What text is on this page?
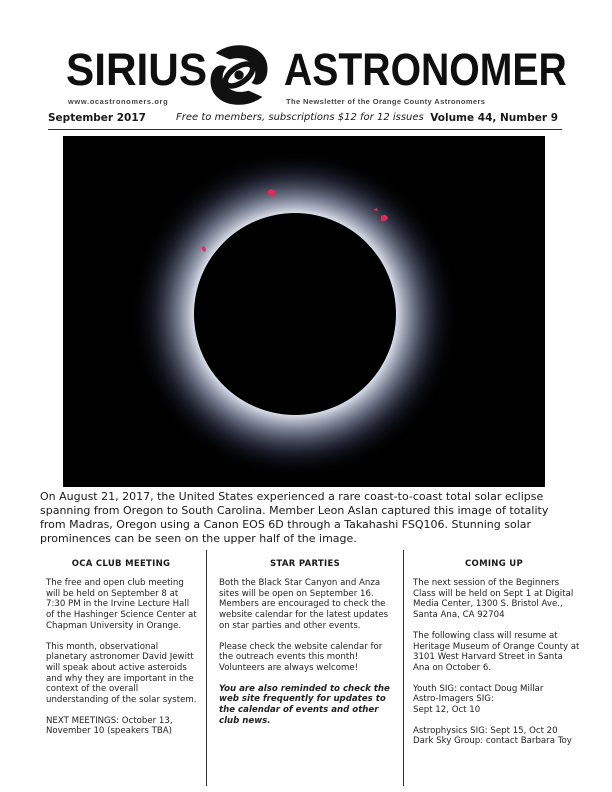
SIRIUS ASTRONOMER
www.ocastronomers.org	The Newsletter of the Orange County Astronomers
September 2017	Free to members, subscriptions $12 for 12 issues Volume 44, Number 9
On August 21, 2017, the United States experienced a rare coast-to-coast total solar eclipse spanning from Oregon to South Carolina. Member Leon Aslan captured this image of totality from Madras, Oregon using a Canon EOS 6D through a Takahashi FSQ106. Stunning solar prominences can be seen on the upper half of the image.
OCA CLUB MEETING

The free and open club meeting will be held on September 8 at 7:30 PM in the Irvine Lecture Hall of the Hashinger Science Center at Chapman University in Orange.

This month, observational planetary astronomer David Jewitt will speak about active asteroids and why they are important in the context of the overall understanding of the solar system.

NEXT MEETINGS: October 13, November 10 (speakers TBA)

STAR PARTIES

Both the Black Star Canyon and Anza sites will be open on September 16. Members are encouraged to check the website calendar for the latest updates on star parties and other events.

Please check the website calendar for the outreach events this month! Volunteers are always welcome!

You are also reminded to check the web site frequently for updates to the calendar of events and other club news.

COMING UP

The next session of the Beginners Class will be held on Sept 1 at Digital Media Center, 1300 S. Bristol Ave., Santa Ana, CA 92704

The following class will resume at Heritage Museum of Orange County at 3101 West Harvard Street in Santa Ana on October 6.

Youth SIG: contact Doug Millar
Astro-Imagers SIG:
Sept 12, Oct 10

Astrophysics SIG: Sept 15, Oct 20
Dark Sky Group: contact Barbara Toy
